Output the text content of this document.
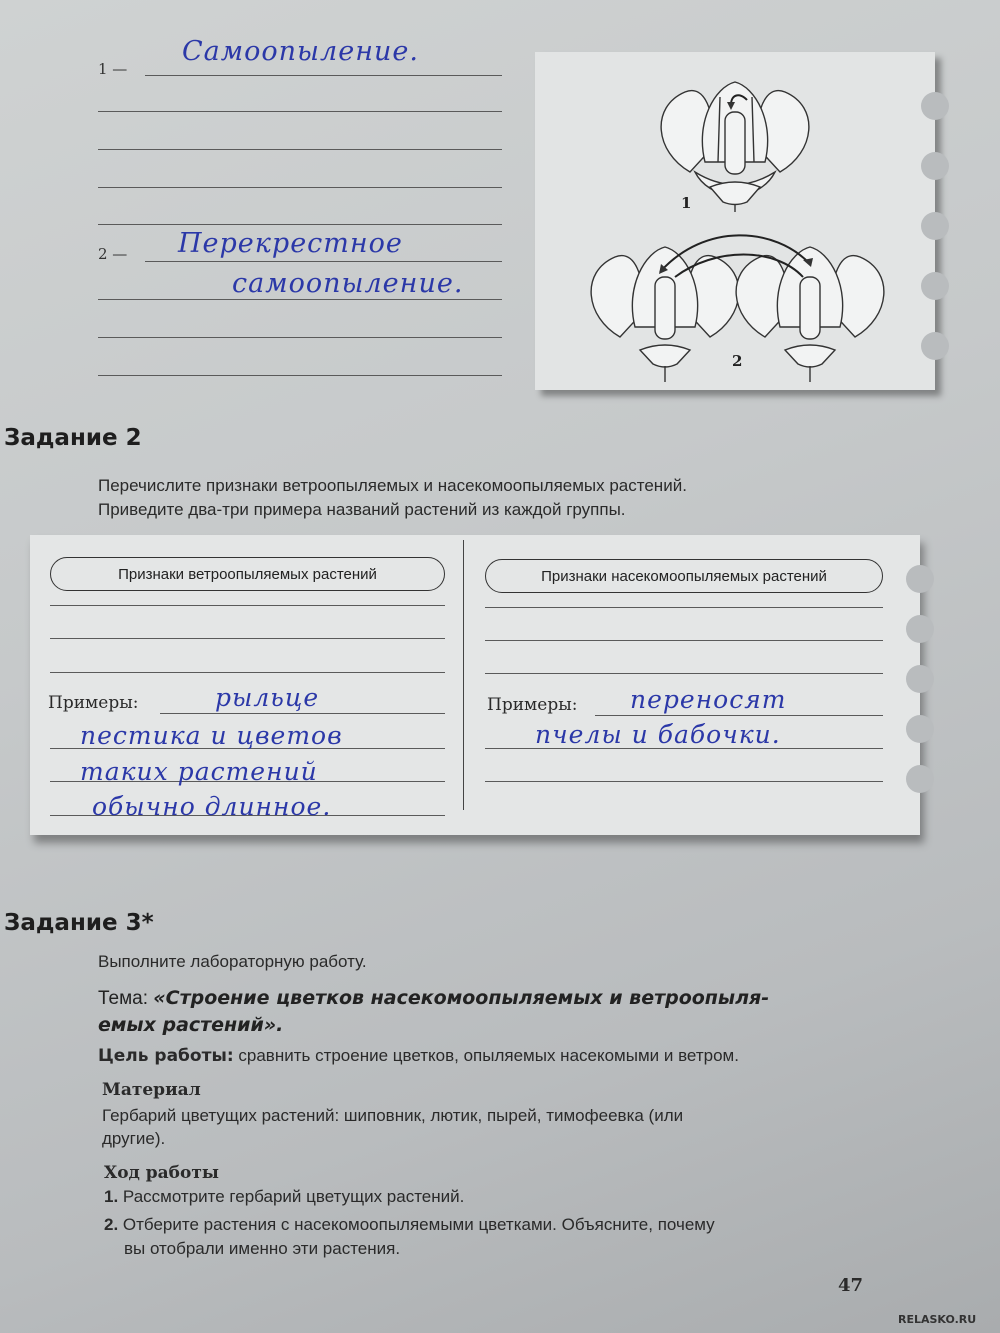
1 —
Самоопыление.
2 — Перекрестное
самоопыление.
1
2
Задание 2
Перечислите признаки ветроопыляемых и насекомоопыляемых растений.
Приведите два-три примера названий растений из каждой группы.
Признаки ветроопыляемых растений	Признаки насекомоопыляемых растений
Примеры:	Примеры:
рыльце
пестика и цветов
таких растений
обычно длинное.
переносят
пчелы и бабочки.
Задание 3*
Выполните лабораторную работу.
Тема: «Строение цветков насекомоопыляемых и ветроопыля-
емых растений».
Цель работы: сравнить строение цветков, опыляемых насекомыми и ветром.
Материал
Гербарий цветущих растений: шиповник, лютик, пырей, тимофеевка (или
другие).
Ход работы
1. Рассмотрите гербарий цветущих растений.
2. Отберите растения с насекомоопыляемыми цветками. Объясните, почему
вы отобрали именно эти растения.
47
RELASKO.RU
